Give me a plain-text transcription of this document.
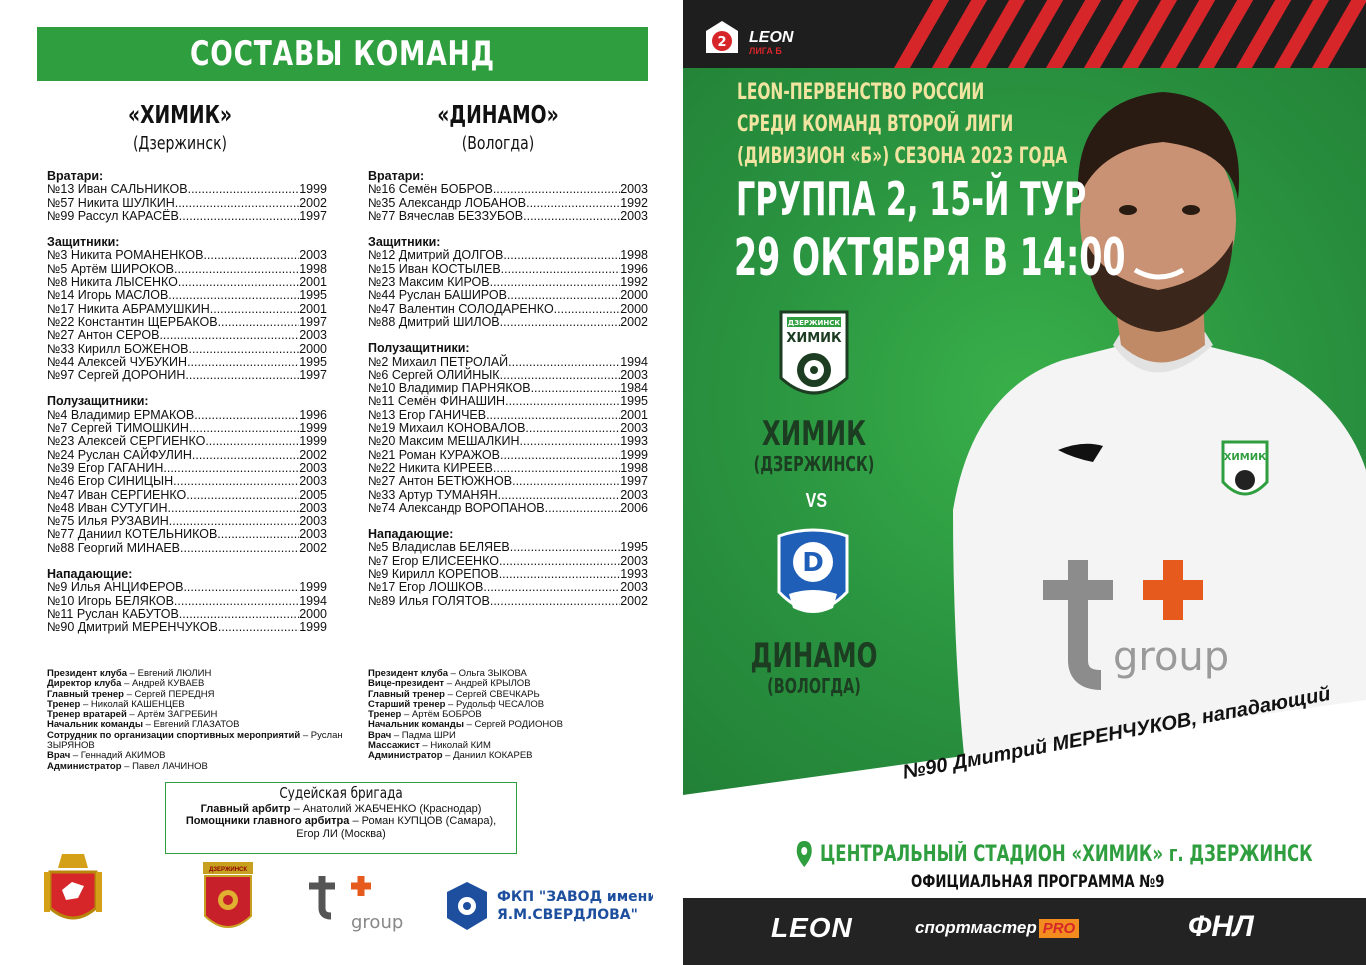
СОСТАВЫ КОМАНД
«ХИМИК»
(Дзержинск)
«ДИНАМО»
(Вологда)
Вратари:
№13 Иван САЛЬНИКОВ .....	1999
№57 Никита ШУЛКИН .....	2002
№99 Рассул КАРАСЁВ .....	1997
Защитники:
№3 Никита РОМАНЕНКОВ .....	2003
№5 Артём ШИРОКОВ .....	1998
№8 Никита ЛЫСЕНКО .....	2001
№14 Игорь МАСЛОВ .....	1995
№17 Никита АБРАМУШКИН .....	2001
№22 Константин ЩЕРБАКОВ .....	1997
№27 Антон СЕРОВ .....	2003
№33 Кирилл БОЖЕНОВ .....	2000
№44 Алексей ЧУБУКИН .....	1995
№97 Сергей ДОРОНИН .....	1997
Полузащитники:
№4 Владимир ЕРМАКОВ .....	1996
№7 Сергей ТИМОШКИН .....	1999
№23 Алексей СЕРГИЕНКО .....	1999
№24 Руслан САЙФУЛИН .....	2002
№39 Егор ГАГАНИН .....	2003
№46 Егор СИНИЦЫН .....	2003
№47 Иван СЕРГИЕНКО .....	2005
№48 Иван СУТУГИН .....	2003
№75 Илья РУЗАВИН .....	2003
№77 Даниил КОТЕЛЬНИКОВ .....	2003
№88 Георгий МИНАЕВ .....	2002
Нападающие:
№9 Илья АНЦИФЕРОВ .....	1999
№10 Игорь БЕЛЯКОВ .....	1994
№11 Руслан КАБУТОВ .....	2000
№90 Дмитрий МЕРЕНЧУКОВ .....	1999
Вратари:
№16 Семён БОБРОВ .....	2003
№35 Александр ЛОБАНОВ .....	1992
№77 Вячеслав БЕЗЗУБОВ .....	2003
Защитники:
№12 Дмитрий ДОЛГОВ .....	1998
№15 Иван КОСТЫЛЕВ .....	1996
№23 Максим КИРОВ .....	1992
№44 Руслан БАШИРОВ .....	2000
№47 Валентин СОЛОДАРЕНКО .....	2000
№88 Дмитрий ШИЛОВ .....	2002
Полузащитники:
№2 Михаил ПЕТРОЛАЙ .....	1994
№6 Сергей ОЛИЙНЫК .....	2003
№10 Владимир ПАРНЯКОВ .....	1984
№11 Семён ФИНАШИН .....	1995
№13 Егор ГАНИЧЕВ .....	2001
№19 Михаил КОНОВАЛОВ .....	2003
№20 Максим МЕШАЛКИН .....	1993
№21 Роман КУРАЖОВ .....	1999
№22 Никита КИРЕЕВ .....	1998
№27 Антон БЕТЮЖНОВ .....	1997
№33 Артур ТУМАНЯН .....	2003
№74 Александр ВОРОПАНОВ .....	2006
Нападающие:
№5 Владислав БЕЛЯЕВ .....	1995
№7 Егор ЕЛИСЕЕНКО .....	2003
№9 Кирилл КОРЕПОВ .....	1993
№17 Егор ЛОШКОВ .....	2003
№89 Илья ГОЛЯТОВ .....	2002
Президент клуба – Евгений ЛЮЛИН
Директор клуба – Андрей КУВАЕВ
Главный тренер – Сергей ПЕРЕДНЯ
Тренер – Николай КАШЕНЦЕВ
Тренер вратарей – Артём ЗАГРЕБИН
Начальник команды – Евгений ГЛАЗАТОВ
Сотрудник по организации спортивных мероприятий – Руслан ЗЫРЯНОВ
Врач – Геннадий АКИМОВ
Администратор – Павел ЛАЧИНОВ
Президент клуба – Ольга ЗЫКОВА
Вице-президент – Андрей КРЫЛОВ
Главный тренер – Сергей СВЕЧКАРЬ
Старший тренер – Рудольф ЧЕСАЛОВ
Тренер – Артём БОБРОВ
Начальник команды – Сергей РОДИОНОВ
Врач – Падма ШРИ
Массажист – Николай КИМ
Администратор – Даниил КОКАРЕВ
Судейская бригада
Главный арбитр – Анатолий ЖАБЧЕНКО (Краснодар)
Помощники главного арбитра – Роман КУПЦОВ (Самара),
Егор ЛИ (Москва)
ДЗЕРЖИНСК
group
ФКП "ЗАВОД имени
Я.М.СВЕРДЛОВА"
2 LEON
ЛИГА Б
ХИМИК
group
LEON-ПЕРВЕНСТВО РОССИИ
СРЕДИ КОМАНД ВТОРОЙ ЛИГИ
(ДИВИЗИОН «Б») СЕЗОНА 2023 ГОДА
ГРУППА 2, 15-Й ТУР
29 ОКТЯБРЯ В 14:00
ДЗЕРЖИНСК
ХИМИК
ХИМИК
(ДЗЕРЖИНСК)
VS
D
ДИНАМО
(ВОЛОГДА)	№90 Дмитрий МЕРЕНЧУКОВ, нападающий
ЦЕНТРАЛЬНЫЙ СТАДИОН «ХИМИК» г. ДЗЕРЖИНСК
ОФИЦИАЛЬНАЯ ПРОГРАММА №9
LEON	спортмастер PRO	ФНЛ
